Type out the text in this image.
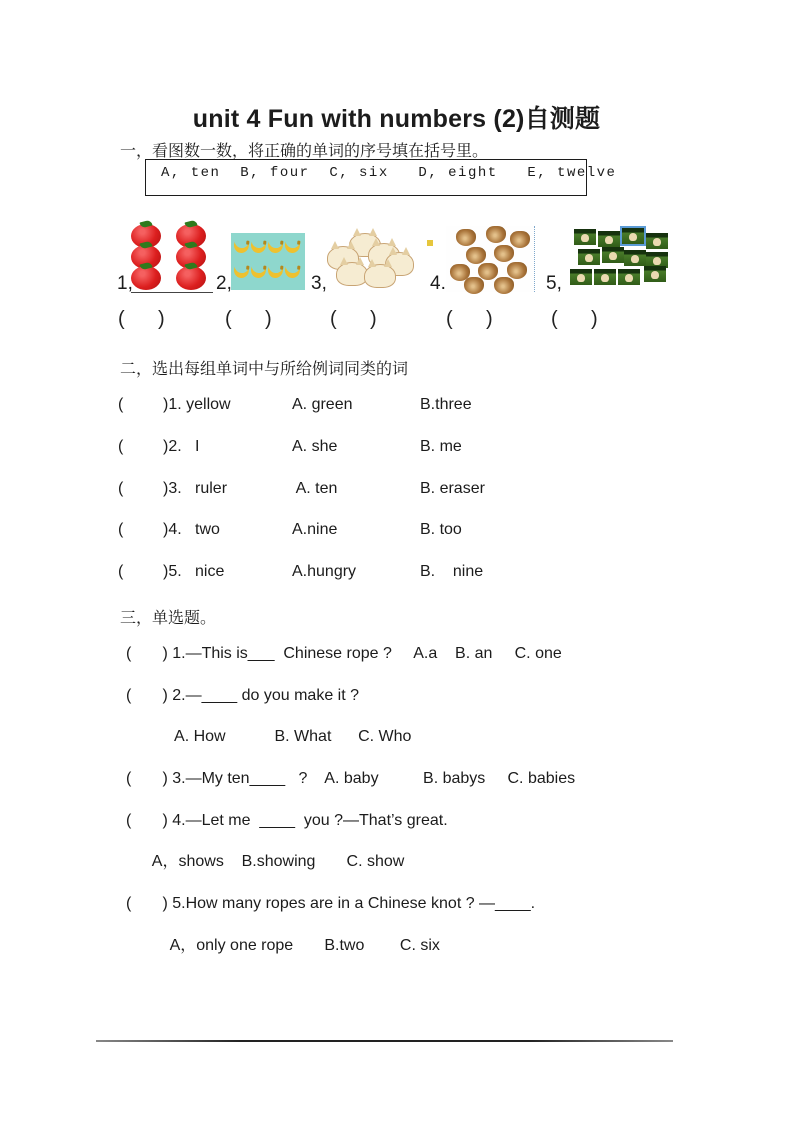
unit 4 Fun with numbers (2)自测题
一，看图数一数，将正确的单词的序号填在括号里。
A, ten  B, four  C, six   D, eight   E, twelve
1,	2,	3,	4.	5,
(      )	(      )	(      )	(      )	(      )
二，选出每组单词中与所给例词同类的词
(	)1. yellow	A. green	B.three
(	)2.   I	A. she	B. me
(	)3.   ruler	A. ten	B. eraser
(	)4.   two	A.nine	B. too
(	)5.   nice	A.hungry	B.    nine
三，单选题。
(       ) 1.—This is___  Chinese rope ?     A.a    B. an     C. one
(       ) 2.—____ do you make it ?
A. How           B. What      C. Who
(       ) 3.—My ten____   ?    A. baby          B. babys     C. babies
(       ) 4.—Let me  ____  you ?—That’s great.
A，shows    B.showing       C. show
(       ) 5.How many ropes are in a Chinese knot ? —____.
A，only one rope       B.two        C. six
